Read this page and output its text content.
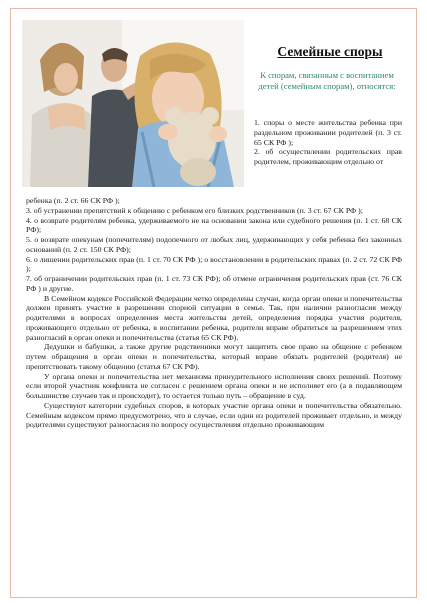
Семейные споры
К спорам, связанным с воспитанием детей (семейным спорам), относятся:

1. споры о месте жительства ребенка при раздельном проживании родителей (п. 3 ст. 65 СК РФ );

2. об осуществлении родительских прав родителем, проживающим отдельно от

ребенка (п. 2 ст. 66 СК РФ );

3. об устранении препятствий к общению с ребенком его близких родственников (п. 3 ст. 67 СК РФ );

4. о возврате родителям ребенка, удерживаемого не на основании закона или судебного решения (п. 1 ст. 68 СК РФ);

5. о возврате опекунам (попечителям) подопечного от любых лиц, удерживающих у себя ребенка без законных оснований (п. 2 ст. 150 СК РФ);

6. о лишении родительских прав (п. 1 ст. 70 СК РФ ); о восстановлении в родительских правах (п. 2 ст. 72 СК РФ );

7. об ограничении родительских прав (п. 1 ст. 73 СК РФ); об отмене ограничения родительских прав (ст. 76 СК РФ ) и другие.

В Семейном кодексе Российской Федерации четко определены случаи, когда орган опеки и попечительства должен принять участие в разрешении спорной ситуации в семье. Так, при наличии разногласия между родителями в вопросах определения места жительства детей, определения порядка участия родителя, проживающего отдельно от ребенка, в воспитании ребенка, родители вправе обратиться за разрешением этих разногласий в орган опеки и попечительства (статья 65 СК РФ).

Дедушки и бабушки, а также другие родственники могут защитить свое право на общение с ребенком путем обращения в орган опеки и попечительства, который вправе обязать родителей (родителя) не препятствовать такому общению (статья 67 СК РФ).

У органа опеки и попечительства нет механизма принудительного исполнения своих решений. Поэтому если второй участник конфликта не согласен с решением органа опеки и не исполняет его (а в подавляющем большинстве случаев так и происходит), то остается только путь – обращение в суд.

Существуют категории судебных споров, в которых участие органа опеки и попечительства обязательно. Семейным кодексом прямо предусмотрено, что в случае, если один из родителей проживает отдельно, и между родителями существуют разногласия по вопросу осуществления отдельно проживающим
